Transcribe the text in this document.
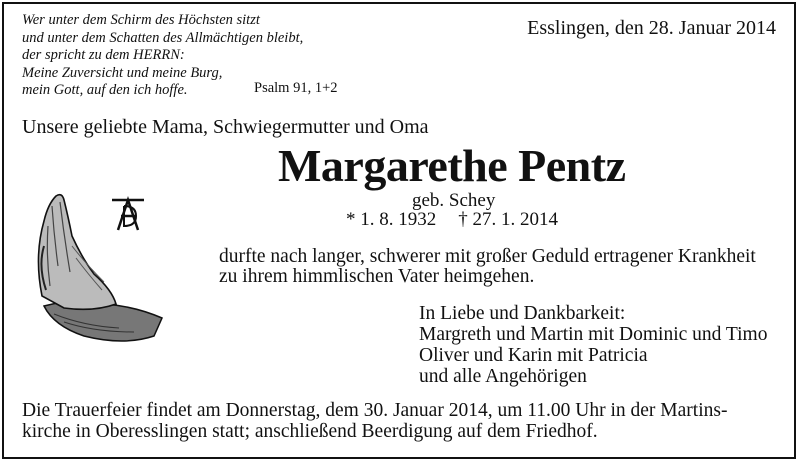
Wer unter dem Schirm des Höchsten sitzt
und unter dem Schatten des Allmächtigen bleibt,
der spricht zu dem HERRN:
Meine Zuversicht und meine Burg,
mein Gott, auf den ich hoffe.	Psalm 91, 1+2
Esslingen, den 28. Januar 2014
Unsere geliebte Mama, Schwiegermutter und Oma
Margarethe Pentz
geb. Schey
* 1. 8. 1932 † 27. 1. 2014
durfte nach langer, schwerer mit großer Geduld ertragener Krankheit
zu ihrem himmlischen Vater heimgehen.
In Liebe und Dankbarkeit:
Margreth und Martin mit Dominic und Timo
Oliver und Karin mit Patricia
und alle Angehörigen
Die Trauerfeier findet am Donnerstag, dem 30. Januar 2014, um 11.00 Uhr in der Martins-
kirche in Oberesslingen statt; anschließend Beerdigung auf dem Friedhof.
